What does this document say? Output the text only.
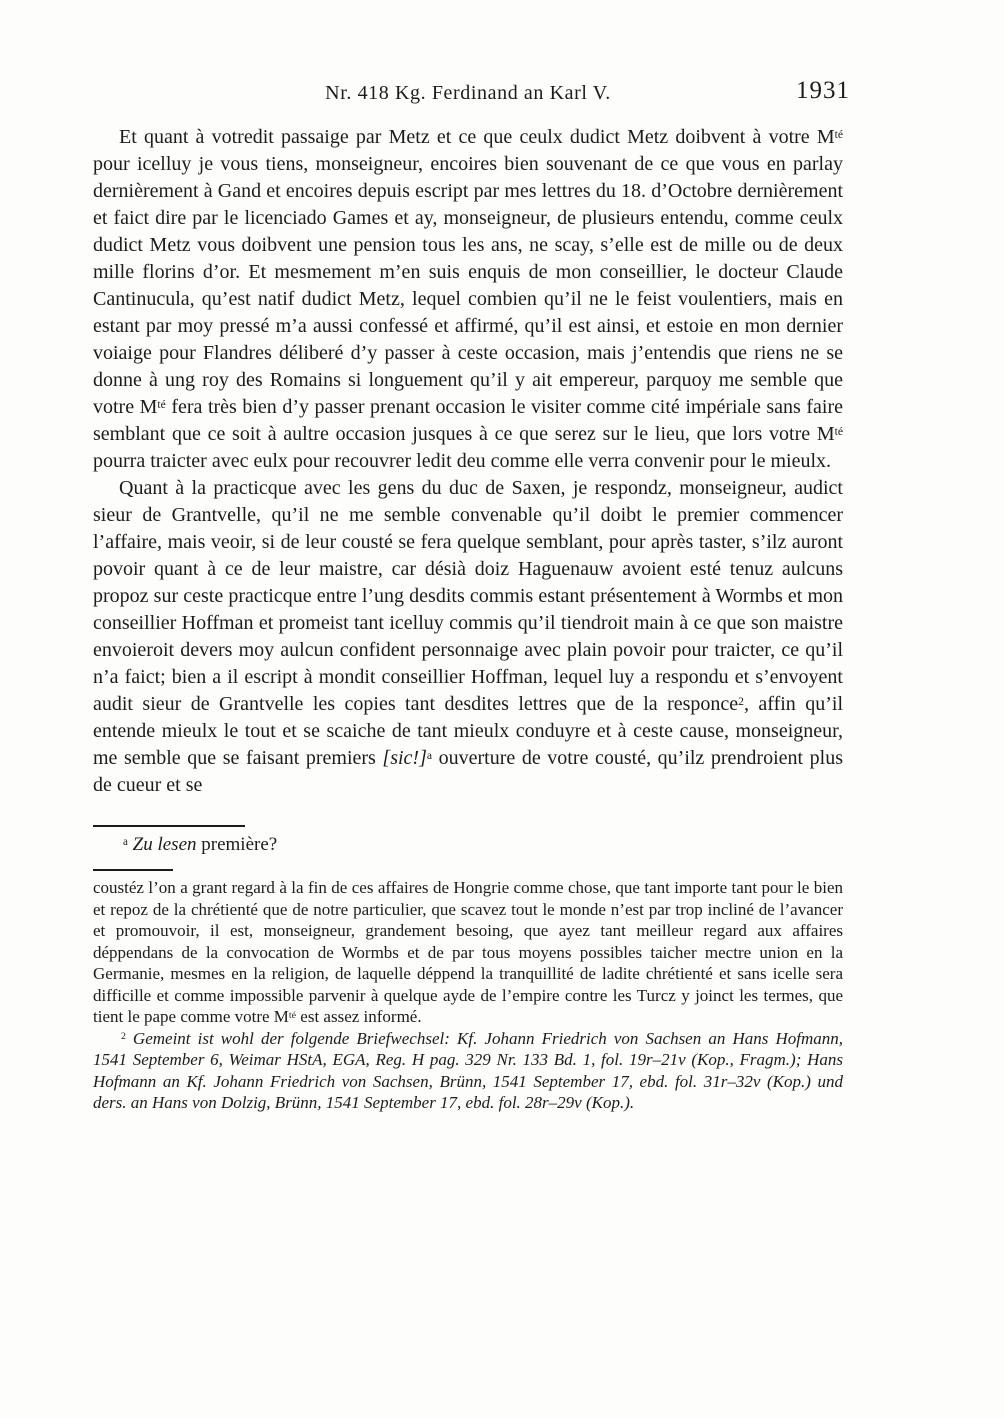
Nr. 418 Kg. Ferdinand an Karl V.	1931

Et quant à votredit passaige par Metz et ce que ceulx dudict Metz doibvent à votre $M^{té}$ pour icelluy je vous tiens, monseigneur, encoires bien souvenant de ce que vous en parlay dernièrement à Gand et encoires depuis escript par mes lettres du 18. d’Octobre dernièrement et faict dire par le licenciado Games et ay, monseigneur, de plusieurs entendu, comme ceulx dudict Metz vous doibvent une pension tous les ans, ne scay, s’elle est de mille ou de deux mille florins d’or. Et mesmement m’en suis enquis de mon conseillier, le docteur Claude Cantinucula, qu’est natif dudict Metz, lequel combien qu’il ne le feist voulentiers, mais en estant par moy pressé m’a aussi confessé et affirmé, qu’il est ainsi, et estoie en mon dernier voiaige pour Flandres déliberé d’y passer à ceste occasion, mais j’entendis que riens ne se donne à ung roy des Romains si longuement qu’il y ait empereur, parquoy me semble que votre $M^{té}$ fera très bien d’y passer prenant occasion le visiter comme cité impériale sans faire semblant que ce soit à aultre occasion jusques à ce que serez sur le lieu, que lors votre $M^{té}$ pourra traicter avec eulx pour recouvrer ledit deu comme elle verra convenir pour le mieulx.

Quant à la practicque avec les gens du duc de Saxen, je respondz, monseigneur, audict sieur de Grantvelle, qu’il ne me semble convenable qu’il doibt le premier commencer l’affaire, mais veoir, si de leur cousté se fera quelque semblant, pour après taster, s’ilz auront povoir quant à ce de leur maistre, car désià doiz Haguenauw avoient esté tenuz aulcuns propoz sur ceste practicque entre l’ung desdits commis estant présentement à Wormbs et mon conseillier Hoffman et promeist tant icelluy commis qu’il tiendroit main à ce que son maistre envoieroit devers moy aulcun confident personnaige avec plain povoir pour traicter, ce qu’il n’a faict; bien a il escript à mondit conseillier Hoffman, lequel luy a respondu et s’envoyent audit sieur de Grantvelle les copies tant desdites lettres que de la responce$^2$, affin qu’il entende mieulx le tout et se scaiche de tant mieulx conduyre et à ceste cause, monseigneur, me semble que se faisant premiers $[sic!]^a$ ouverture de votre cousté, qu’ilz prendroient plus de cueur et se

$^a$ Zu lesen première?

coustéz l’on a grant regard à la fin de ces affaires de Hongrie comme chose, que tant importe tant pour le bien et repoz de la chrétienté que de notre particulier, que scavez tout le monde n’est par trop incliné de l’avancer et promouvoir, il est, monseigneur, grandement besoing, que ayez tant meilleur regard aux affaires déppendans de la convocation de Wormbs et de par tous moyens possibles taicher mectre union en la Germanie, mesmes en la religion, de laquelle déppend la tranquillité de ladite chrétienté et sans icelle sera difficille et comme impossible parvenir à quelque ayde de l’empire contre les Turcz y joinct les termes, que tient le pape comme votre $M^{té}$ est assez informé.

$^2$ Gemeint ist wohl der folgende Briefwechsel: Kf. Johann Friedrich von Sachsen an Hans Hofmann, 1541 September 6, Weimar HStA, EGA, Reg. H pag. 329 Nr. 133 Bd. 1, fol. 19r–21v (Kop., Fragm.); Hans Hofmann an Kf. Johann Friedrich von Sachsen, Brünn, 1541 September 17, ebd. fol. 31r–32v (Kop.) und ders. an Hans von Dolzig, Brünn, 1541 September 17, ebd. fol. 28r–29v (Kop.).
